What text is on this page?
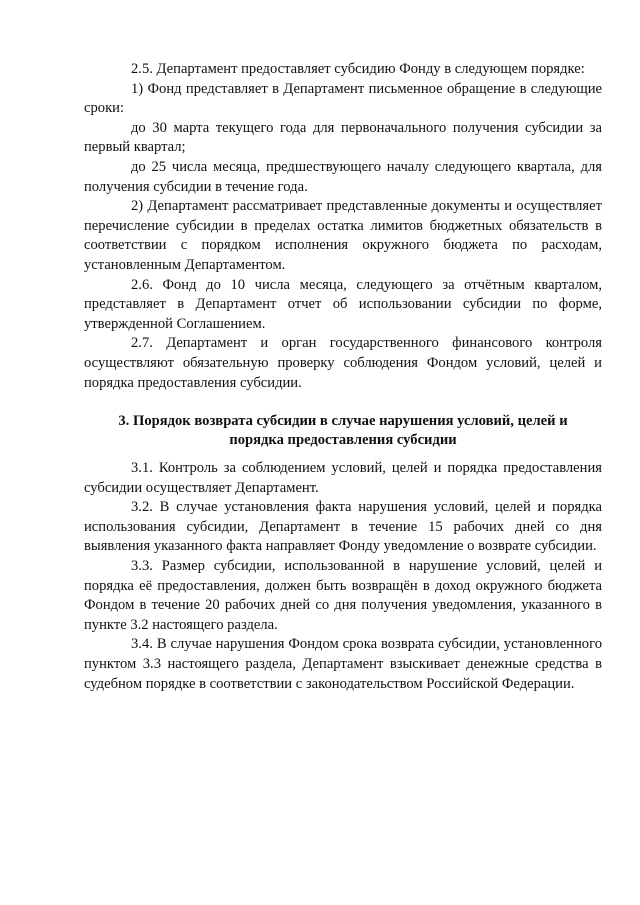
2.5. Департамент предоставляет субсидию Фонду в следующем порядке:

1) Фонд представляет в Департамент письменное обращение в следующие сроки:

до 30 марта текущего года для первоначального получения субсидии за первый квартал;

до 25 числа месяца, предшествующего началу следующего квартала, для получения субсидии в течение года.

2) Департамент рассматривает представленные документы и осуществляет перечисление субсидии в пределах остатка лимитов бюджетных обязательств в соответствии с порядком исполнения окружного бюджета по расходам, установленным Департаментом.

2.6. Фонд до 10 числа месяца, следующего за отчётным кварталом, представляет в Департамент отчет об использовании субсидии по форме, утвержденной Соглашением.

2.7. Департамент и орган государственного финансового контроля осуществляют обязательную проверку соблюдения Фондом условий, целей и порядка предоставления субсидии.

3. Порядок возврата субсидии в случае нарушения условий, целей и порядка предоставления субсидии

3.1. Контроль за соблюдением условий, целей и порядка предоставления субсидии осуществляет Департамент.

3.2. В случае установления факта нарушения условий, целей и порядка использования субсидии, Департамент в течение 15 рабочих дней со дня выявления указанного факта направляет Фонду уведомление о возврате субсидии.

3.3. Размер субсидии, использованной в нарушение условий, целей и порядка её предоставления, должен быть возвращён в доход окружного бюджета Фондом в течение 20 рабочих дней со дня получения уведомления, указанного в пункте 3.2 настоящего раздела.

3.4. В случае нарушения Фондом срока возврата субсидии, установленного пунктом 3.3 настоящего раздела, Департамент взыскивает денежные средства в судебном порядке в соответствии с законодательством Российской Федерации.
